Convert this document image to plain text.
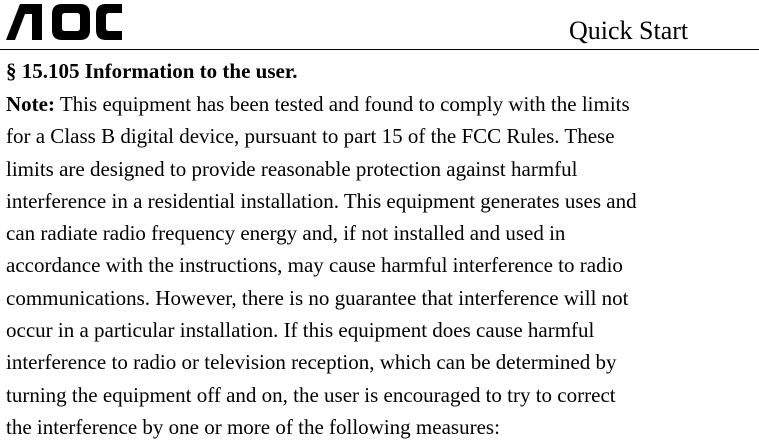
Quick Start

§ 15.105 Information to the user.

Note: This equipment has been tested and found to comply with the limits

for a Class B digital device, pursuant to part 15 of the FCC Rules. These

limits are designed to provide reasonable protection against harmful

interference in a residential installation. This equipment generates uses and

can radiate radio frequency energy and, if not installed and used in

accordance with the instructions, may cause harmful interference to radio

communications. However, there is no guarantee that interference will not

occur in a particular installation. If this equipment does cause harmful

interference to radio or television reception, which can be determined by

turning the equipment off and on, the user is encouraged to try to correct

the interference by one or more of the following measures:
